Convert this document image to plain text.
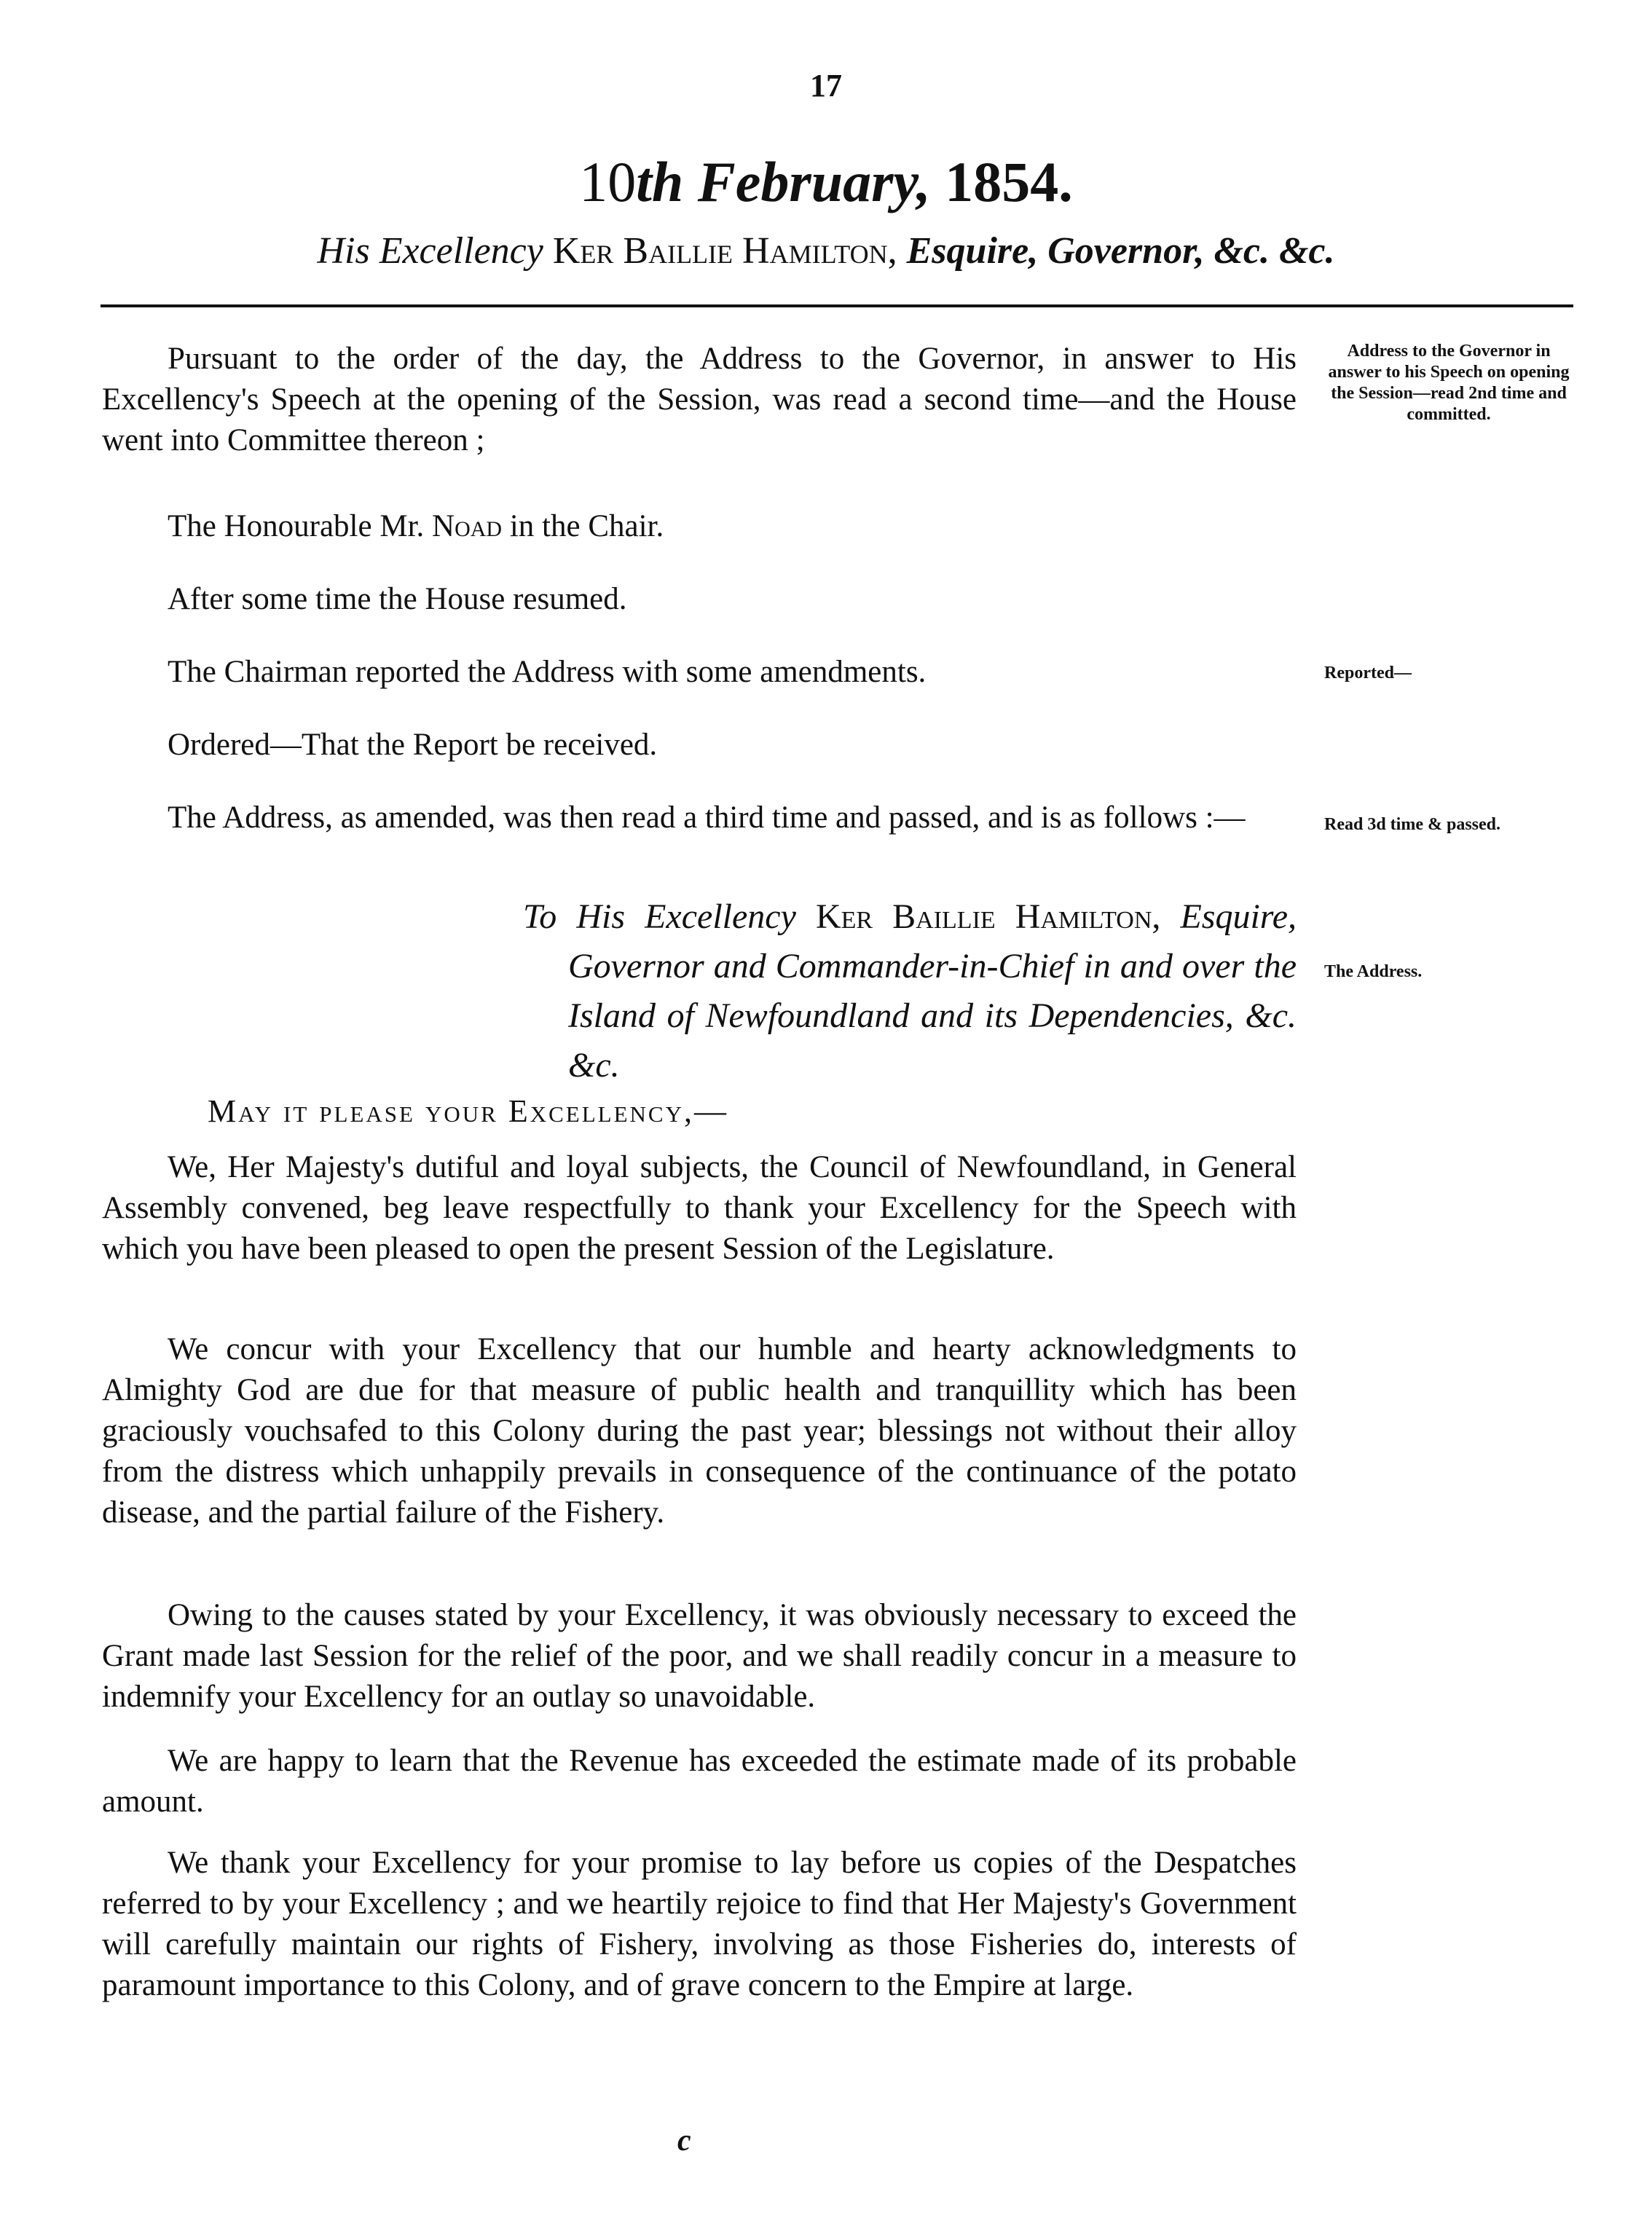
17
10th February, 1854.
His Excellency Ker Baillie Hamilton, Esquire, Governor, &c. &c.
Pursuant to the order of the day, the Address to the Governor, in answer to His Excellency's Speech at the opening of the Session, was read a second time—and the House went into Committee thereon ;
Address to the Governor in answer to his Speech on opening the Session—read 2nd time and committed.
The Honourable Mr. Noad in the Chair.
After some time the House resumed.
The Chairman reported the Address with some amendments.	Reported—
Ordered—That the Report be received.
The Address, as amended, was then read a third time and passed, and is as follows :—	Read 3d time & passed.
To His Excellency Ker Baillie Hamilton, Esquire, Governor and Commander-in-Chief in and over the Island of Newfoundland and its Dependencies, &c. &c.
The Address.
May it please your Excellency,—
We, Her Majesty's dutiful and loyal subjects, the Council of Newfoundland, in General Assembly convened, beg leave respectfully to thank your Excellency for the Speech with which you have been pleased to open the present Session of the Legislature.
We concur with your Excellency that our humble and hearty acknowledgments to Almighty God are due for that measure of public health and tranquillity which has been graciously vouchsafed to this Colony during the past year; blessings not without their alloy from the distress which unhappily prevails in consequence of the continuance of the potato disease, and the partial failure of the Fishery.
Owing to the causes stated by your Excellency, it was obviously necessary to exceed the Grant made last Session for the relief of the poor, and we shall readily concur in a measure to indemnify your Excellency for an outlay so unavoidable.
We are happy to learn that the Revenue has exceeded the estimate made of its probable amount.
We thank your Excellency for your promise to lay before us copies of the Despatches referred to by your Excellency ; and we heartily rejoice to find that Her Majesty's Government will carefully maintain our rights of Fishery, involving as those Fisheries do, interests of paramount importance to this Colony, and of grave concern to the Empire at large.
c
